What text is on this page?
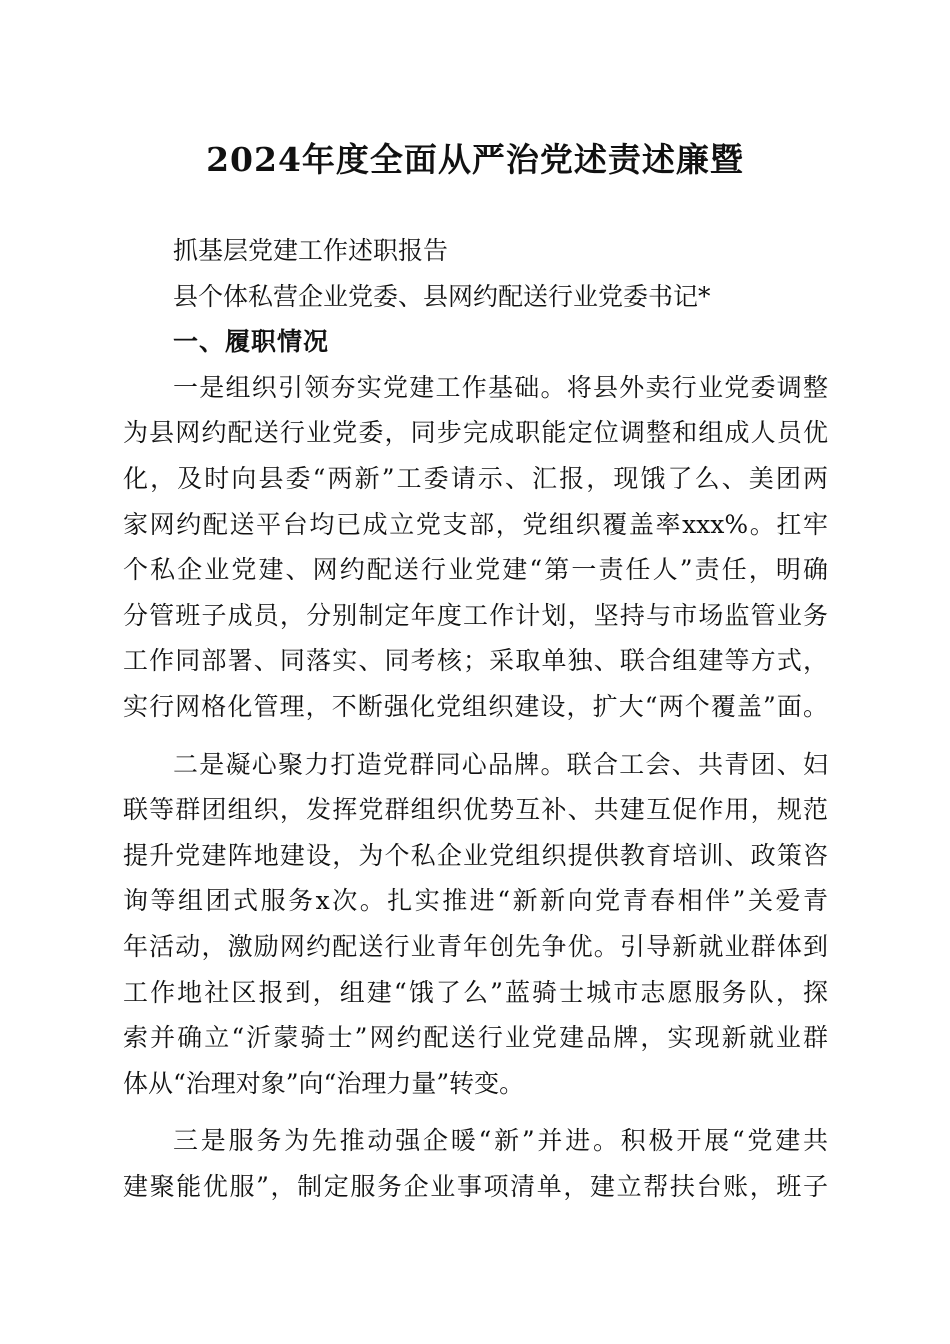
2024年度全面从严治党述责述廉暨
抓基层党建工作述职报告
县个体私营企业党委、县网约配送行业党委书记*
一、履职情况
一是组织引领夯实党建工作基础。将县外卖行业党委调整
为县网约配送行业党委，同步完成职能定位调整和组成人员优
化，及时向县委“两新”工委请示、汇报，现饿了么、美团两
家网约配送平台均已成立党支部，党组织覆盖率xxx%。扛牢
个私企业党建、网约配送行业党建“第一责任人”责任，明确
分管班子成员，分别制定年度工作计划，坚持与市场监管业务
工作同部署、同落实、同考核；采取单独、联合组建等方式，
实行网格化管理，不断强化党组织建设，扩大“两个覆盖”面。
二是凝心聚力打造党群同心品牌。联合工会、共青团、妇
联等群团组织，发挥党群组织优势互补、共建互促作用，规范
提升党建阵地建设，为个私企业党组织提供教育培训、政策咨
询等组团式服务x次。扎实推进“新新向党青春相伴”关爱青
年活动，激励网约配送行业青年创先争优。引导新就业群体到
工作地社区报到，组建“饿了么”蓝骑士城市志愿服务队，探
索并确立“沂蒙骑士”网约配送行业党建品牌，实现新就业群
体从“治理对象”向“治理力量”转变。
三是服务为先推动强企暖“新”并进。积极开展“党建共
建聚能优服”，制定服务企业事项清单，建立帮扶台账，班子
